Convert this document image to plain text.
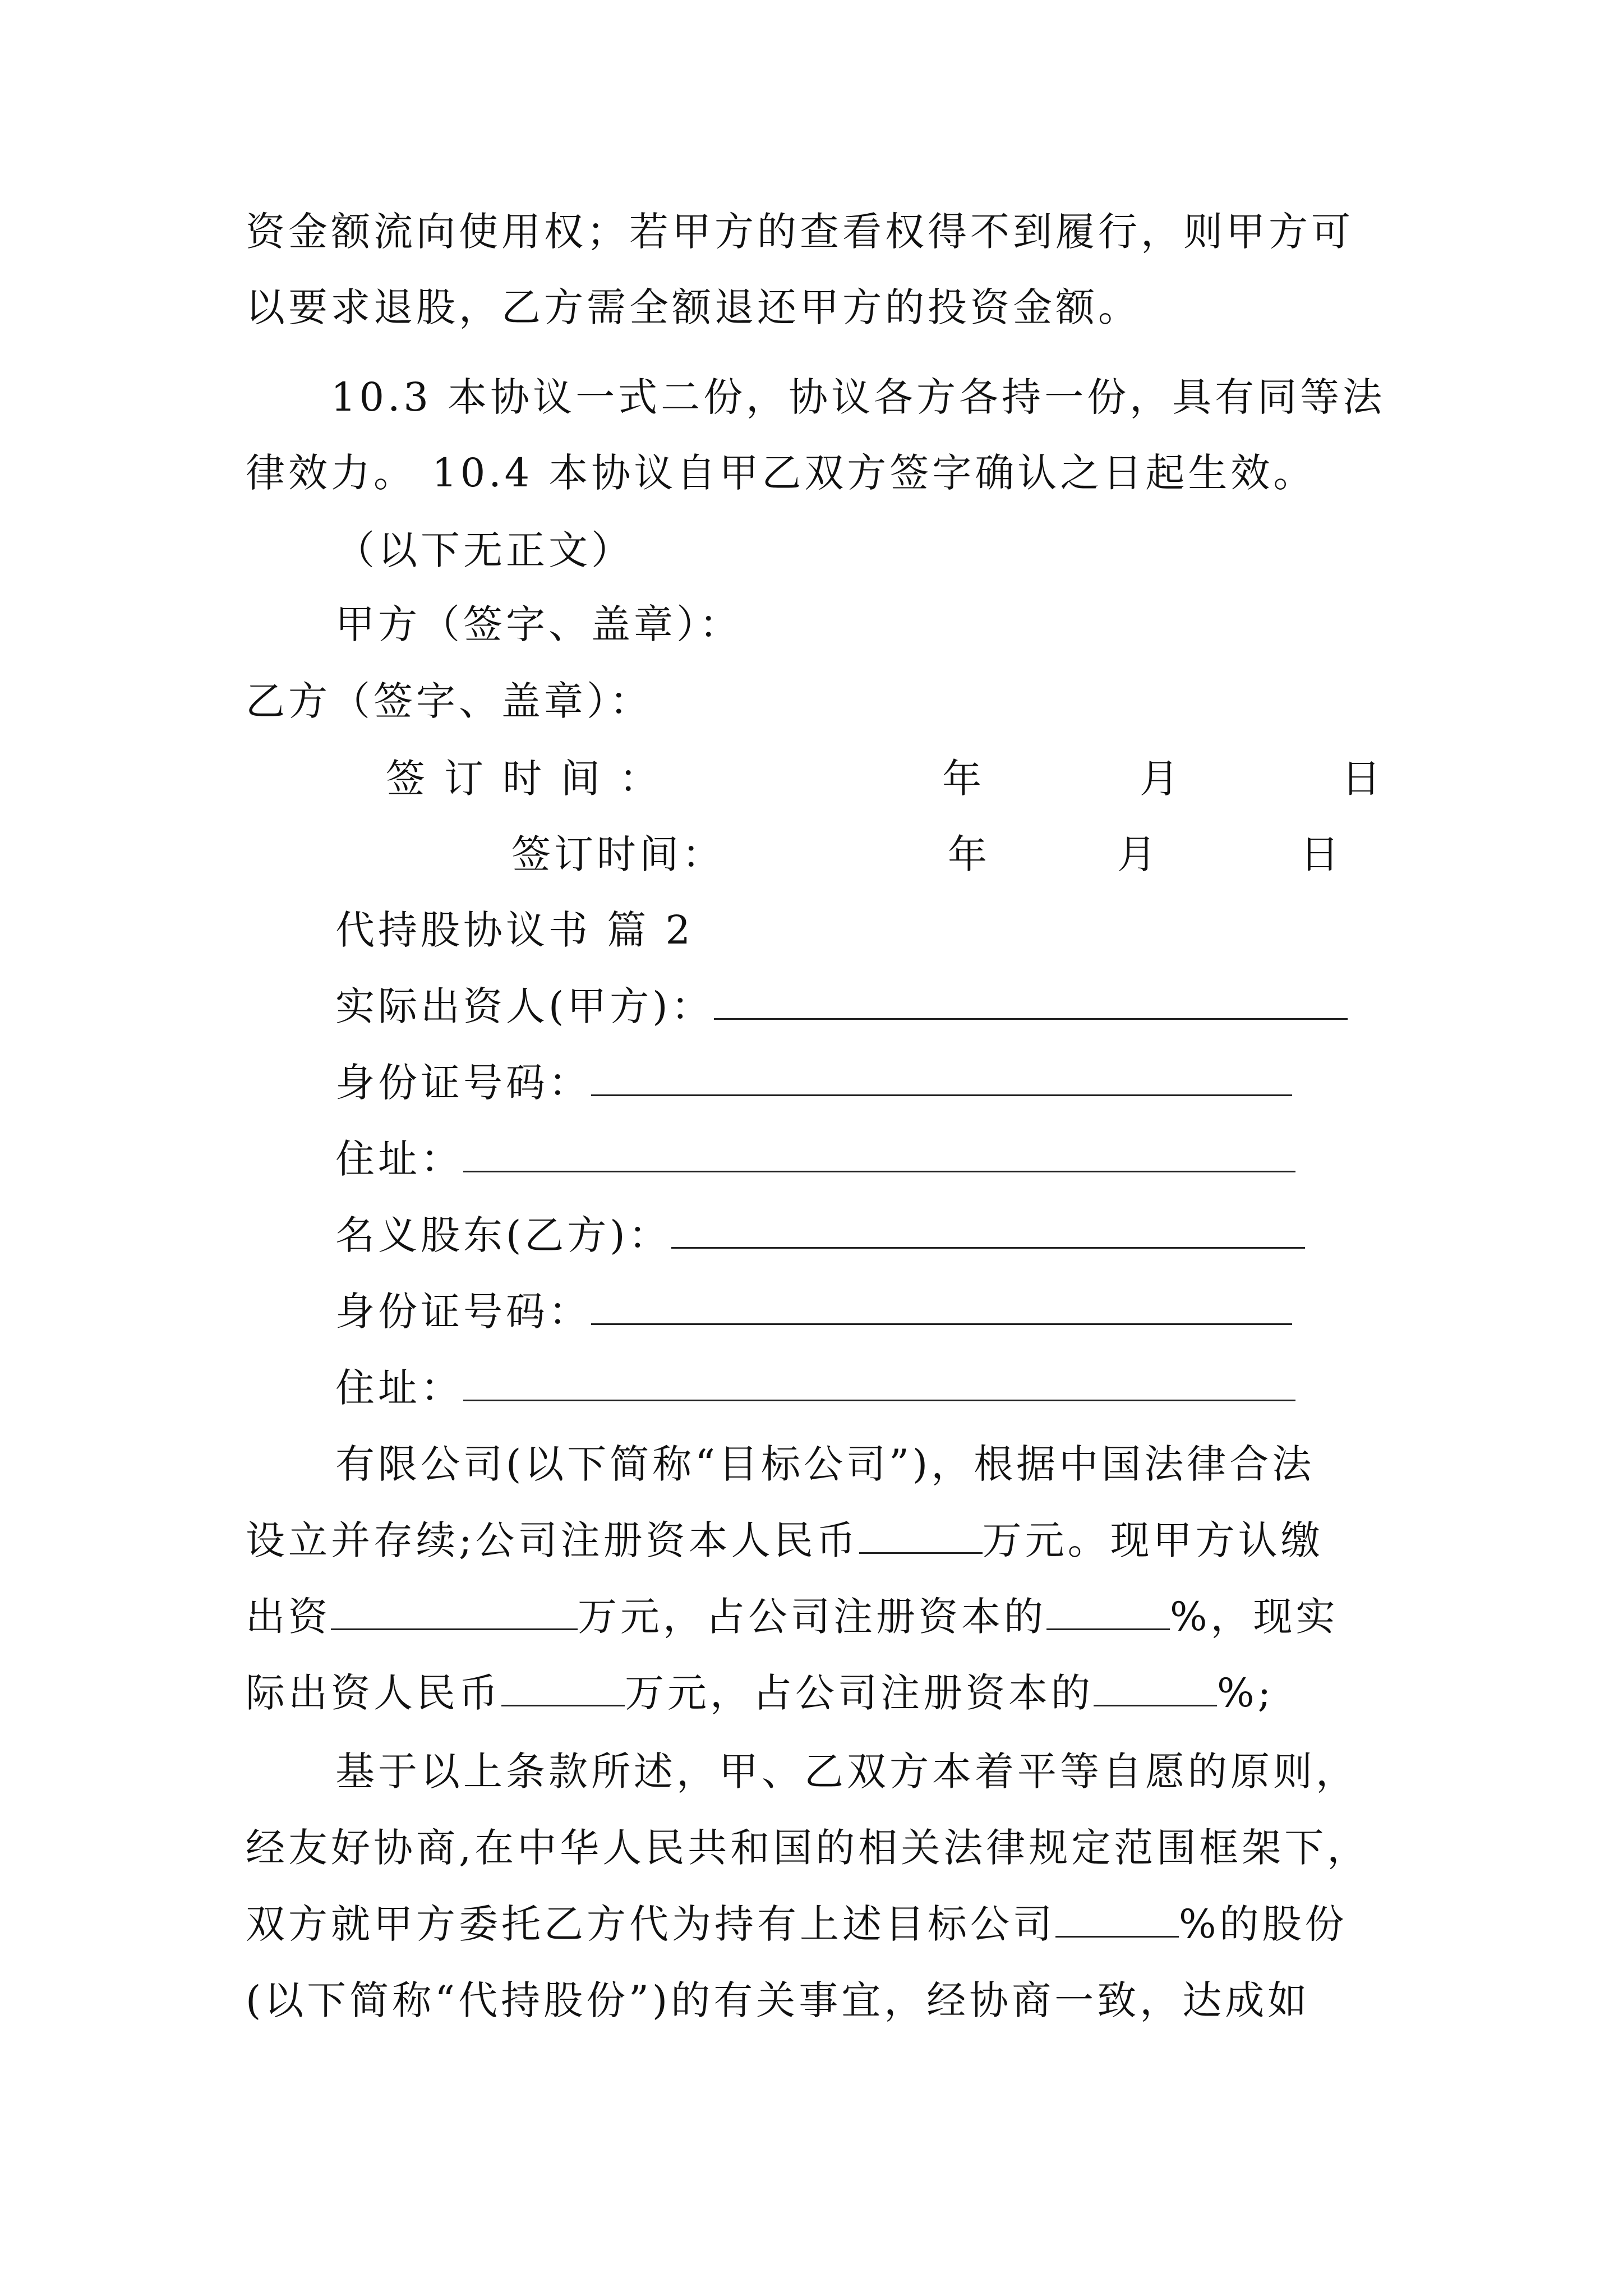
资金额流向使用权；若甲方的查看权得不到履行，则甲方可
以要求退股，乙方需全额退还甲方的投资金额。
10.3 本协议一式二份，协议各方各持一份，具有同等法
律效力。 10.4 本协议自甲乙双方签字确认之日起生效。
（以下无正文）
甲方（签字、盖章）：
乙方（签字、盖章）：
签订时间：	年	月	日
签订时间：	年	月	日
代持股协议书 篇 2
实际出资人(甲方)：
身份证号码：
住址：
名义股东(乙方)：
身份证号码：
住址：
有限公司(以下简称“目标公司”)，根据中国法律合法
设立并存续;公司注册资本人民币	万元。现甲方认缴
出资	万元，占公司注册资本的	%，现实
际出资人民币	万元，占公司注册资本的	%;
基于以上条款所述，甲、乙双方本着平等自愿的原则，
经友好协商,在中华人民共和国的相关法律规定范围框架下，
双方就甲方委托乙方代为持有上述目标公司	%的股份
(以下简称“代持股份”)的有关事宜，经协商一致，达成如
